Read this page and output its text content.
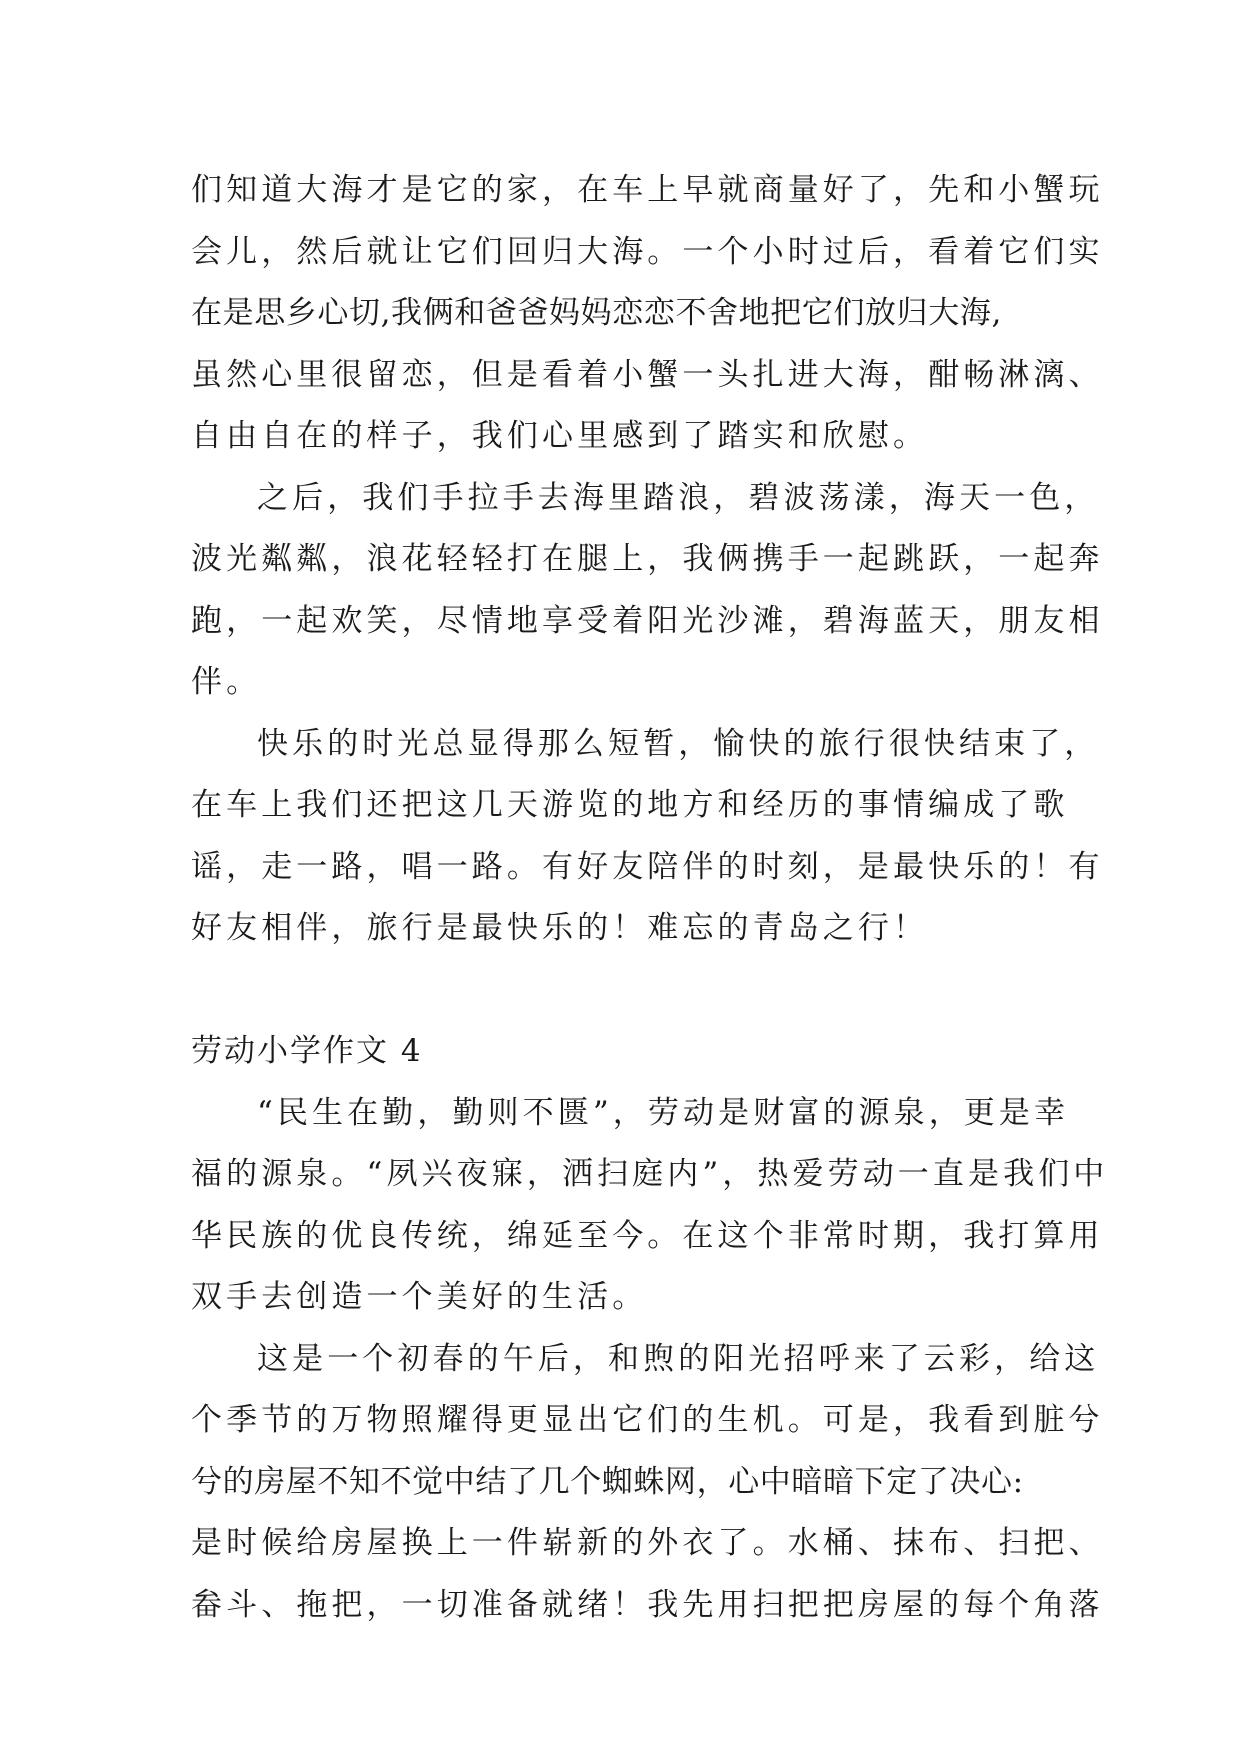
们知道大海才是它的家，在车上早就商量好了，先和小蟹玩
会儿，然后就让它们回归大海。一个小时过后，看着它们实
在是思乡心切,我俩和爸爸妈妈恋恋不舍地把它们放归大海,
虽然心里很留恋，但是看着小蟹一头扎进大海，酣畅淋漓、
自由自在的样子，我们心里感到了踏实和欣慰。
之后，我们手拉手去海里踏浪，碧波荡漾，海天一色，
波光粼粼，浪花轻轻打在腿上，我俩携手一起跳跃，一起奔
跑，一起欢笑，尽情地享受着阳光沙滩，碧海蓝天，朋友相
伴。
快乐的时光总显得那么短暂，愉快的旅行很快结束了，
在车上我们还把这几天游览的地方和经历的事情编成了歌
谣，走一路，唱一路。有好友陪伴的时刻，是最快乐的！有
好友相伴，旅行是最快乐的！难忘的青岛之行！
劳动小学作文 4
“民生在勤，勤则不匮”，劳动是财富的源泉，更是幸
福的源泉。“夙兴夜寐，洒扫庭内”，热爱劳动一直是我们中
华民族的优良传统，绵延至今。在这个非常时期，我打算用
双手去创造一个美好的生活。
这是一个初春的午后，和煦的阳光招呼来了云彩，给这
个季节的万物照耀得更显出它们的生机。可是，我看到脏兮
兮的房屋不知不觉中结了几个蜘蛛网，心中暗暗下定了决心:
是时候给房屋换上一件崭新的外衣了。水桶、抹布、扫把、
畚斗、拖把，一切准备就绪！我先用扫把把房屋的每个角落
